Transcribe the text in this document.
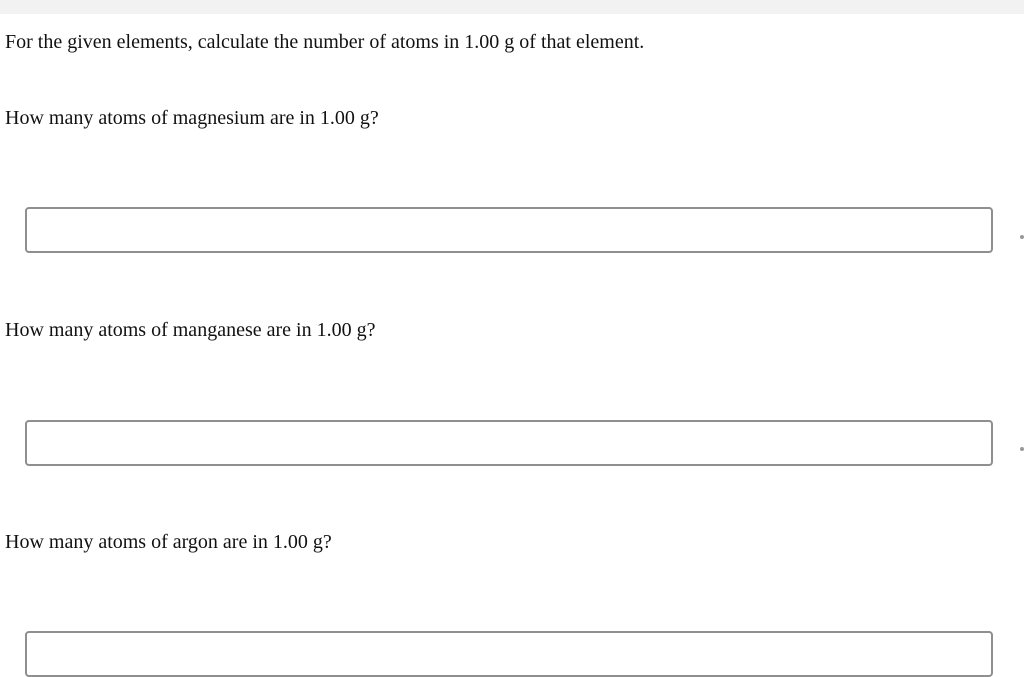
For the given elements, calculate the number of atoms in 1.00 g of that element.
How many atoms of magnesium are in 1.00 g?
How many atoms of manganese are in 1.00 g?
How many atoms of argon are in 1.00 g?
